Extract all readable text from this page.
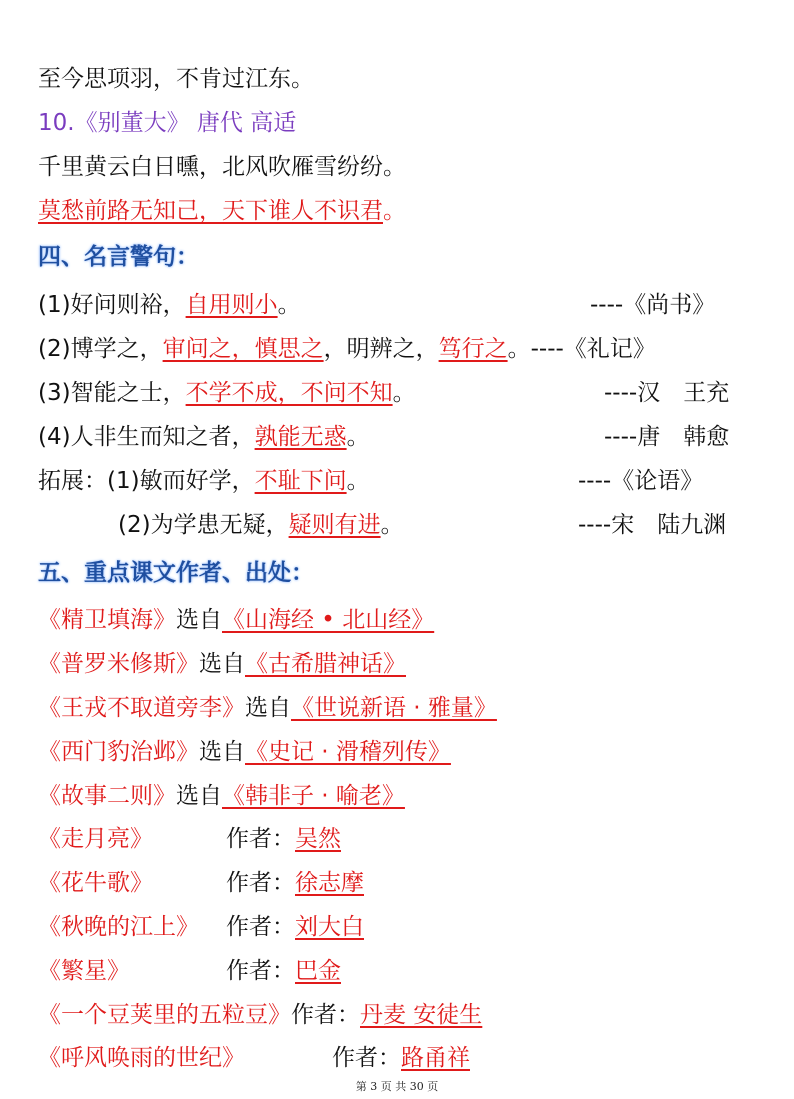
至今思项羽，不肯过江东。
10.《别董大》 唐代 高适
千里黄云白日曛，北风吹雁雪纷纷。
莫愁前路无知己，天下谁人不识君。
四、名言警句：
(1)好问则裕，自用则小。	----《尚书》
(2)博学之，审问之，慎思之，明辨之，笃行之。----《礼记》
(3)智能之士，不学不成，不问不知。	----汉　王充
(4)人非生而知之者，孰能无惑。	----唐　韩愈
拓展：(1)敏而好学，不耻下问。	----《论语》
(2)为学患无疑，疑则有进。	----宋　陆九渊
五、重点课文作者、出处：
《精卫填海》选自《山海经 • 北山经》
《普罗米修斯》选自《古希腊神话》
《王戎不取道旁李》选自《世说新语 · 雅量》
《西门豹治邺》选自《史记 · 滑稽列传》
《故事二则》选自《韩非子 · 喻老》
《走月亮》	作者：吴然
《花牛歌》	作者：徐志摩
《秋晚的江上》 作者：刘大白
《繁星》	作者：巴金
《一个豆荚里的五粒豆》作者：丹麦 安徒生
《呼风唤雨的世纪》	作者：路甬祥
第 3 页 共 30 页
